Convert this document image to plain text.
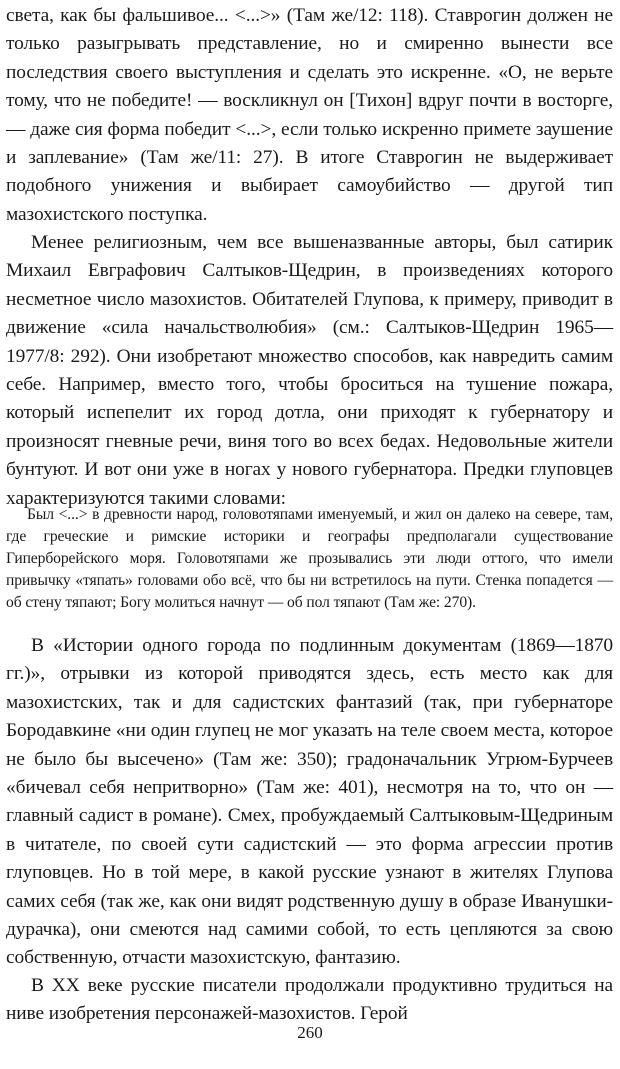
света, как бы фальшивое... <...>» (Там же/12: 118). Ставрогин должен не только разыгрывать представление, но и смиренно вынести все последствия своего выступления и сделать это искренне. «О, не верьте тому, что не победите! — воскликнул он [Тихон] вдруг почти в восторге, — даже сия форма победит <...>, если только искренно примете заушение и заплевание» (Там же/11: 27). В итоге Ставрогин не выдерживает подобного унижения и выбирает самоубийство — другой тип мазохистского поступка.

Менее религиозным, чем все вышеназванные авторы, был сатирик Михаил Евграфович Салтыков-Щедрин, в произведениях которого несметное число мазохистов. Обитателей Глупова, к примеру, приводит в движение «сила начальстволюбия» (см.: Салтыков-Щедрин 1965—1977/8: 292). Они изобретают множество способов, как навредить самим себе. Например, вместо того, чтобы броситься на тушение пожара, который испепелит их город дотла, они приходят к губернатору и произносят гневные речи, виня того во всех бедах. Недовольные жители бунтуют. И вот они уже в ногах у нового губернатора. Предки глуповцев характеризуются такими словами:

Был <...> в древности народ, головотяпами именуемый, и жил он далеко на севере, там, где греческие и римские историки и географы предполагали существование Гиперборейского моря. Головотяпами же прозывались эти люди оттого, что имели привычку «тяпать» головами обо всё, что бы ни встретилось на пути. Стенка попадется — об стену тяпают; Богу молиться начнут — об пол тяпают (Там же: 270).

В «Истории одного города по подлинным документам (1869—1870 гг.)», отрывки из которой приводятся здесь, есть место как для мазохистских, так и для садистских фантазий (так, при губернаторе Бородавкине «ни один глупец не мог указать на теле своем места, которое не было бы высечено» (Там же: 350); градоначальник Угрюм-Бурчеев «бичевал себя непритворно» (Там же: 401), несмотря на то, что он — главный садист в романе). Смех, пробуждаемый Салтыковым-Щедриным в читателе, по своей сути садистский — это форма агрессии против глуповцев. Но в той мере, в какой русские узнают в жителях Глупова самих себя (так же, как они видят родственную душу в образе Иванушки-дурачка), они смеются над самими собой, то есть цепляются за свою собственную, отчасти мазохистскую, фантазию.

В XX веке русские писатели продолжали продуктивно трудиться на ниве изобретения персонажей-мазохистов. Герой

260
